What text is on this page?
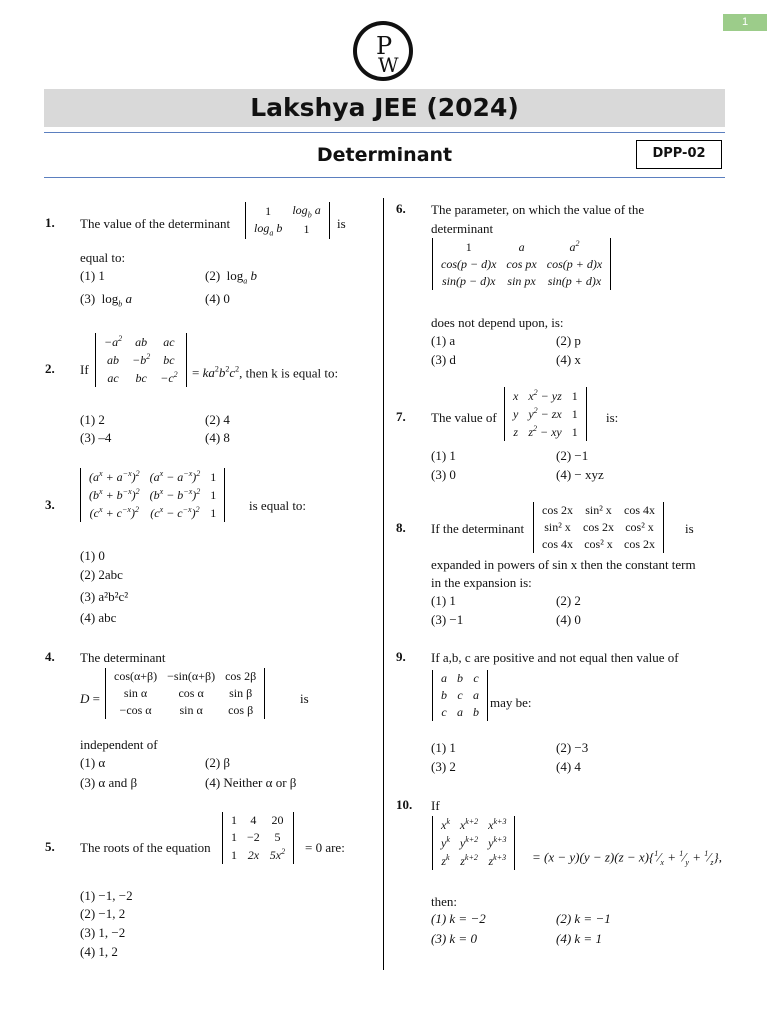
1
P
W
Lakshya JEE (2024)
Determinant	DPP-02
1. The value of the determinant
1	$\log_b a$
$\log_a b$	1 is
equal to:
(1) 1	(2) $\log_a b$
(3) $\log_b a$	(4) 0
2. If
$-a^2$	ab	ac
ab	$-b^2$	bc
ac	bc	$-c^2 = ka^2b^2c^2$, then k is equal to:
(1) 2	(2) 4
(3) –4	(4) 8
3.
$(a^x + a^{-x})^2$	$(a^x - a^{-x})^2$	1
$(b^x + b^{-x})^2$	$(b^x - b^{-x})^2$	1
$(c^x + c^{-x})^2$	$(c^x - c^{-x})^2$	1	is equal to:
(1) 0
(2) 2abc
(3) a²b²c²
(4) abc
4. The determinant
D =
cos(α+β)	−sin(α+β)	cos 2β
sin α	cos α	sin β
−cos α	sin α	cos β
is
independent of
(1) α	(2) β
(3) α and β	(4) Neither α or β
5. The roots of the equation
1	4	20
1	−2	5
1	2x	$5x^2 = 0$ are:
(1) −1, −2
(2) −1, 2
(3) 1, −2
(4) 1, 2
6. The parameter, on which the value of the
determinant
1	a	$a^2$
cos(p − d)x	cos px	cos(p + d)x
sin(p − d)x	sin px	sin(p + d)x
does not depend upon, is:
(1) a	(2) p
(3) d	(4) x
7. The value of
x	$x^2$ − yz	1
y	$y^2$ − zx	1
z	$z^2$ − xy	1
is:
(1) 1	(2) −1
(3) 0	(4) − xyz
8. If the determinant
cos 2x	sin² x	cos 4x
sin² x	cos 2x	cos² x
cos 4x	cos² x	cos 2x
is
expanded in powers of sin x then the constant term
in the expansion is:
(1) 1	(2) 2
(3) −1	(4) 0
9. If a,b, c are positive and not equal then value of
a	b	c
b	c	a
c	a	b
may be:
(1) 1	(2) −3
(3) 2	(4) 4
10. If
$x^k$	$x^{k+2}$	$x^{k+3}$
$y^k$	$y^{k+2}$	$y^{k+3}$
$z^k$	$z^{k+2}$	$z^{k+3} = (x - y)(y - z)(z$ − $x)\{^1⁄_x$ + $^1⁄_y$ + $^1⁄_z$},
then:
(1) k = −2	(2) k = −1
(3) k = 0	(4) k = 1
